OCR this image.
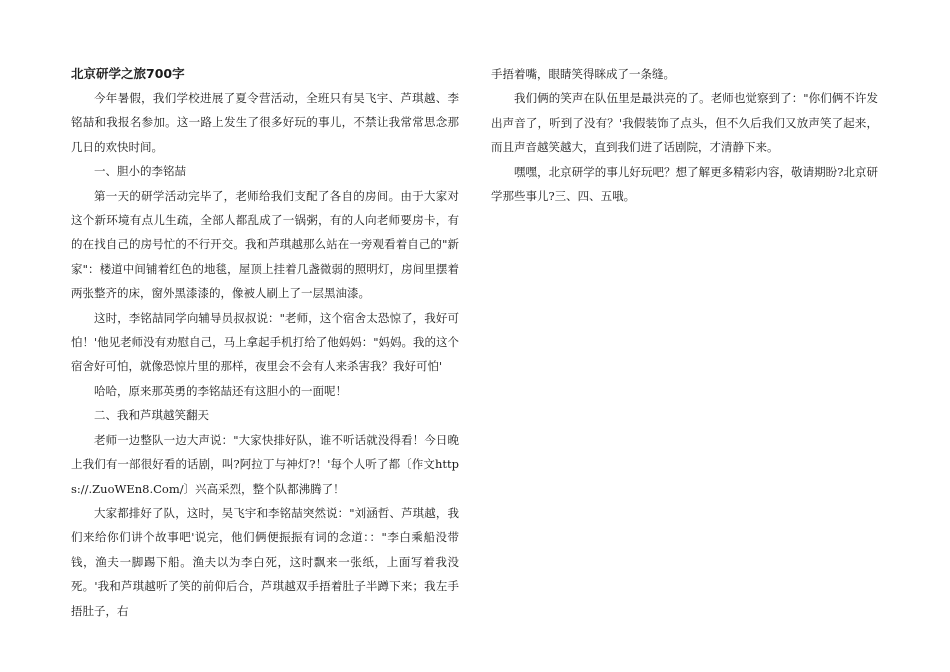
北京研学之旅700字

今年暑假，我们学校进展了夏令营活动，全班只有吴飞宇、芦琪越、李铭喆和我报名参加。这一路上发生了很多好玩的事儿，不禁让我常常思念那几日的欢快时间。

一、胆小的李铭喆

第一天的研学活动完毕了，老师给我们支配了各自的房间。由于大家对这个新环境有点儿生疏，全部人都乱成了一锅粥，有的人向老师要房卡，有的在找自己的房号忙的不行开交。我和芦琪越那么站在一旁观看着自己的"新家"：楼道中间铺着红色的地毯，屋顶上挂着几盏微弱的照明灯，房间里摆着两张整齐的床，窗外黑漆漆的，像被人刷上了一层黑油漆。

这时，李铭喆同学向辅导员叔叔说："老师，这个宿舍太恐惊了，我好可怕！'他见老师没有劝慰自己，马上拿起手机打给了他妈妈："妈妈。我的这个宿舍好可怕，就像恐惊片里的那样，夜里会不会有人来杀害我？我好可怕'

哈哈，原来那英勇的李铭喆还有这胆小的一面呢！

二、我和芦琪越笑翻天

老师一边整队一边大声说："大家快排好队，谁不听话就没得看！今日晚上我们有一部很好看的话剧，叫?阿拉丁与神灯?！'每个人听了都〔作文https://.ZuoWEn8.Com/〕兴高采烈，整个队都沸腾了！

大家都排好了队，这时，吴飞宇和李铭喆突然说："刘涵哲、芦琪越，我们来给你们讲个故事吧'说完，他们俩便振振有词的念道：："李白乘船没带钱，渔夫一脚踢下船。渔夫以为李白死，这时飘来一张纸，上面写着我没死。'我和芦琪越听了笑的前仰后合，芦琪越双手捂着肚子半蹲下来；我左手捂肚子，右

手捂着嘴，眼睛笑得眯成了一条缝。

我们俩的笑声在队伍里是最洪亮的了。老师也觉察到了："你们俩不许发出声音了，听到了没有？'我假装饰了点头，但不久后我们又放声笑了起来，而且声音越笑越大，直到我们进了话剧院，才清静下来。

嘿嘿，北京研学的事儿好玩吧？想了解更多精彩内容，敬请期盼?北京研学那些事儿?三、四、五哦。
